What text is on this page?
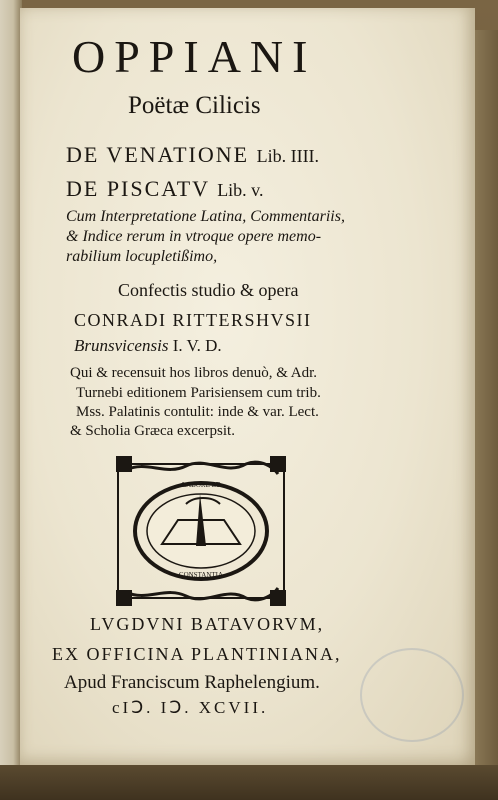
OPPIANI
Poëtæ Cilicis
DE VENATIONE Lib. IIII.
DE PISCATV Lib. v.
Cum Interpretatione Latina, Commentariis,
& Indice rerum in vtroque opere memo-
rabilium locupletißimo,
Confectis studio & opera
CONRADI RITTERSHVSII
Brunsvicensis I. V. D.
Qui & recensuit hos libros denuò, & Adr.
Turnebi editionem Parisiensem cum trib.
Mss. Palatinis contulit: inde & var. Lect.
& Scholia Græca excerpsit.
LABORE ET
CONSTANTIA
LVGDVNI BATAVORVM,
EX OFFICINA PLANTINIANA,
Apud Franciscum Raphelengium.
cIↃ. IↃ. XCVII.
